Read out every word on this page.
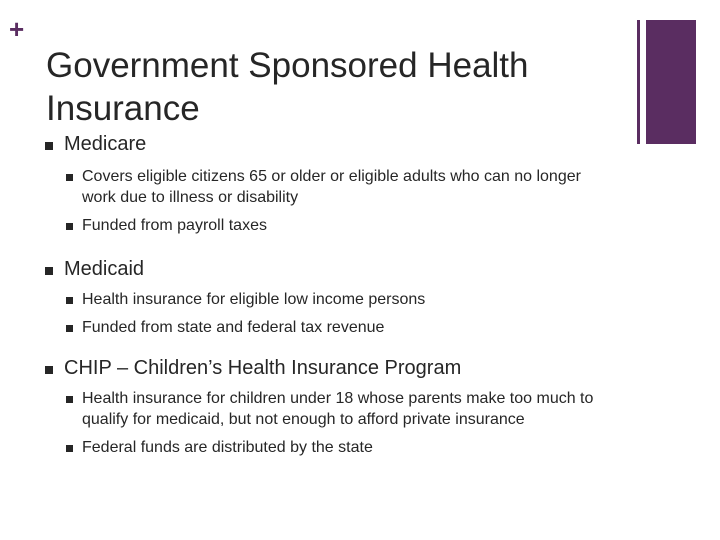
+
Government Sponsored Health Insurance
Medicare
Covers eligible citizens 65 or older or eligible adults who can no longer work due to illness or disability
Funded from payroll taxes
Medicaid
Health insurance for eligible low income persons
Funded from state and federal tax revenue
CHIP – Children’s Health Insurance Program
Health insurance for children under 18 whose parents make too much to qualify for medicaid, but not enough to afford private insurance
Federal funds are distributed by the state
